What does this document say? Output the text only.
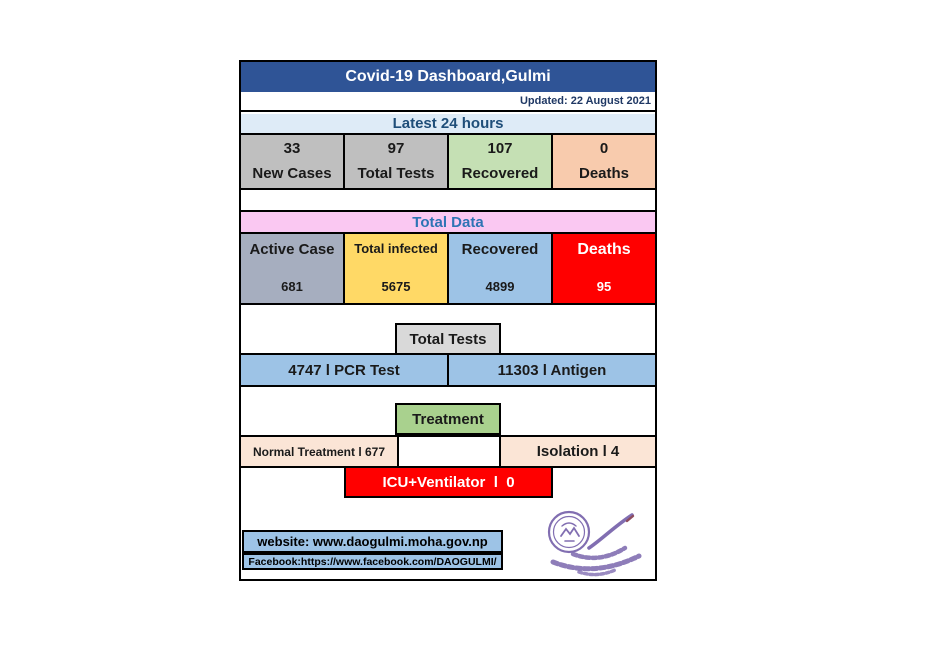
Covid-19 Dashboard,Gulmi
Updated: 22 August 2021
Latest 24 hours
33
New Cases
97
Total Tests
107
Recovered
0
Deaths
Total Data
Active Case
681
Total infected
5675
Recovered
4899
Deaths
95
Total Tests
4747 l PCR Test	11303 l Antigen
Treatment
Normal Treatment l 677	Isolation l 4
ICU+Ventilator  l  0
website: www.daogulmi.moha.gov.np
Facebook:https://www.facebook.com/DAOGULMI/
